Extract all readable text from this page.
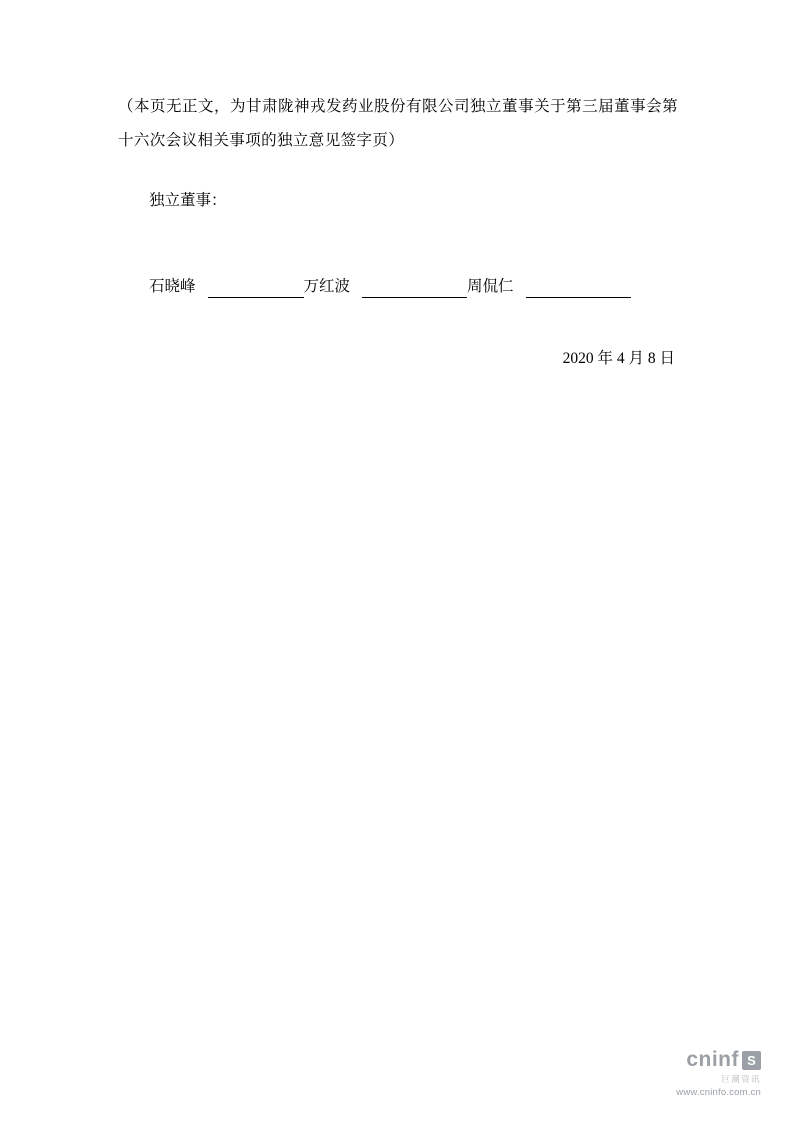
（本页无正文，为甘肃陇神戎发药业股份有限公司独立董事关于第三届董事会第十六次会议相关事项的独立意见签字页）

独立董事：

石晓峰	万红波	周侃仁
2020 年 4 月 8 日
cninf S
巨潮资讯
www.cninfo.com.cn
